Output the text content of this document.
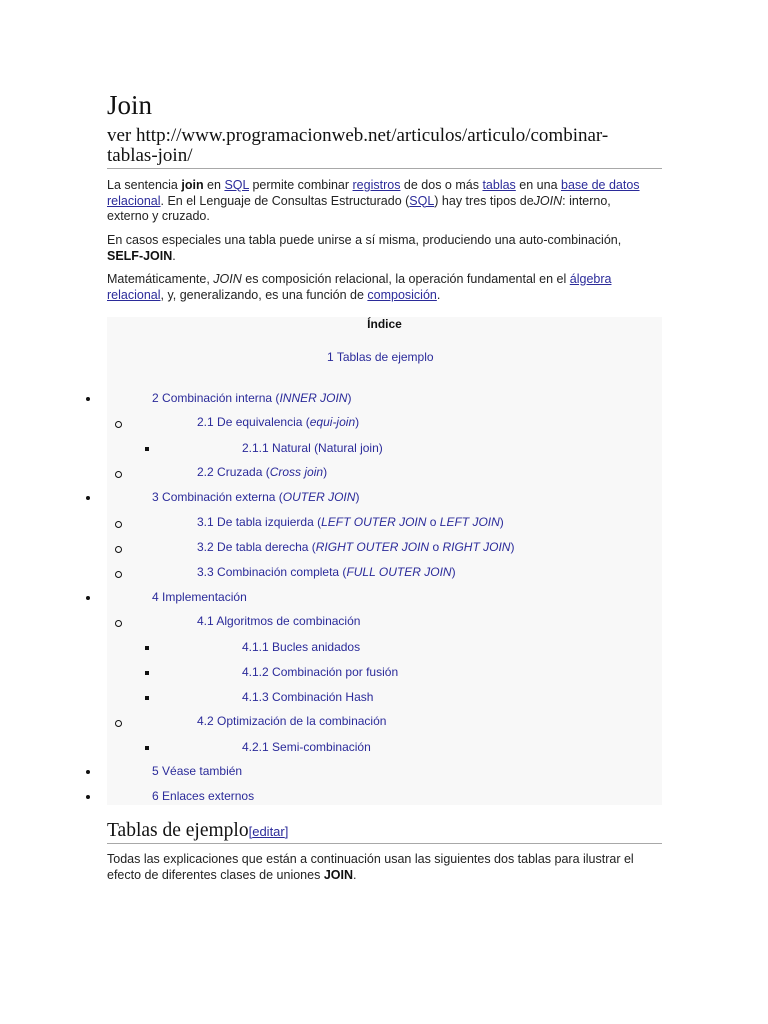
Join
ver http://www.programacionweb.net/articulos/articulo/combinar-tablas-join/
La sentencia join en SQL permite combinar registros de dos o más tablas en una base de datos relacional. En el Lenguaje de Consultas Estructurado (SQL) hay tres tipos deJOIN: interno, externo y cruzado.
En casos especiales una tabla puede unirse a sí misma, produciendo una auto-combinación, SELF-JOIN.
Matemáticamente, JOIN es composición relacional, la operación fundamental en el álgebra relacional, y, generalizando, es una función de composición.
Índice
1 Tablas de ejemplo
2 Combinación interna (INNER JOIN)
2.1 De equivalencia (equi-join)
2.1.1 Natural (Natural join)
2.2 Cruzada (Cross join)
3 Combinación externa (OUTER JOIN)
3.1 De tabla izquierda (LEFT OUTER JOIN o LEFT JOIN)
3.2 De tabla derecha (RIGHT OUTER JOIN o RIGHT JOIN)
3.3 Combinación completa (FULL OUTER JOIN)
4 Implementación
4.1 Algoritmos de combinación
4.1.1 Bucles anidados
4.1.2 Combinación por fusión
4.1.3 Combinación Hash
4.2 Optimización de la combinación
4.2.1 Semi-combinación
5 Véase también
6 Enlaces externos
Tablas de ejemplo[editar]
Todas las explicaciones que están a continuación usan las siguientes dos tablas para ilustrar el efecto de diferentes clases de uniones JOIN.
